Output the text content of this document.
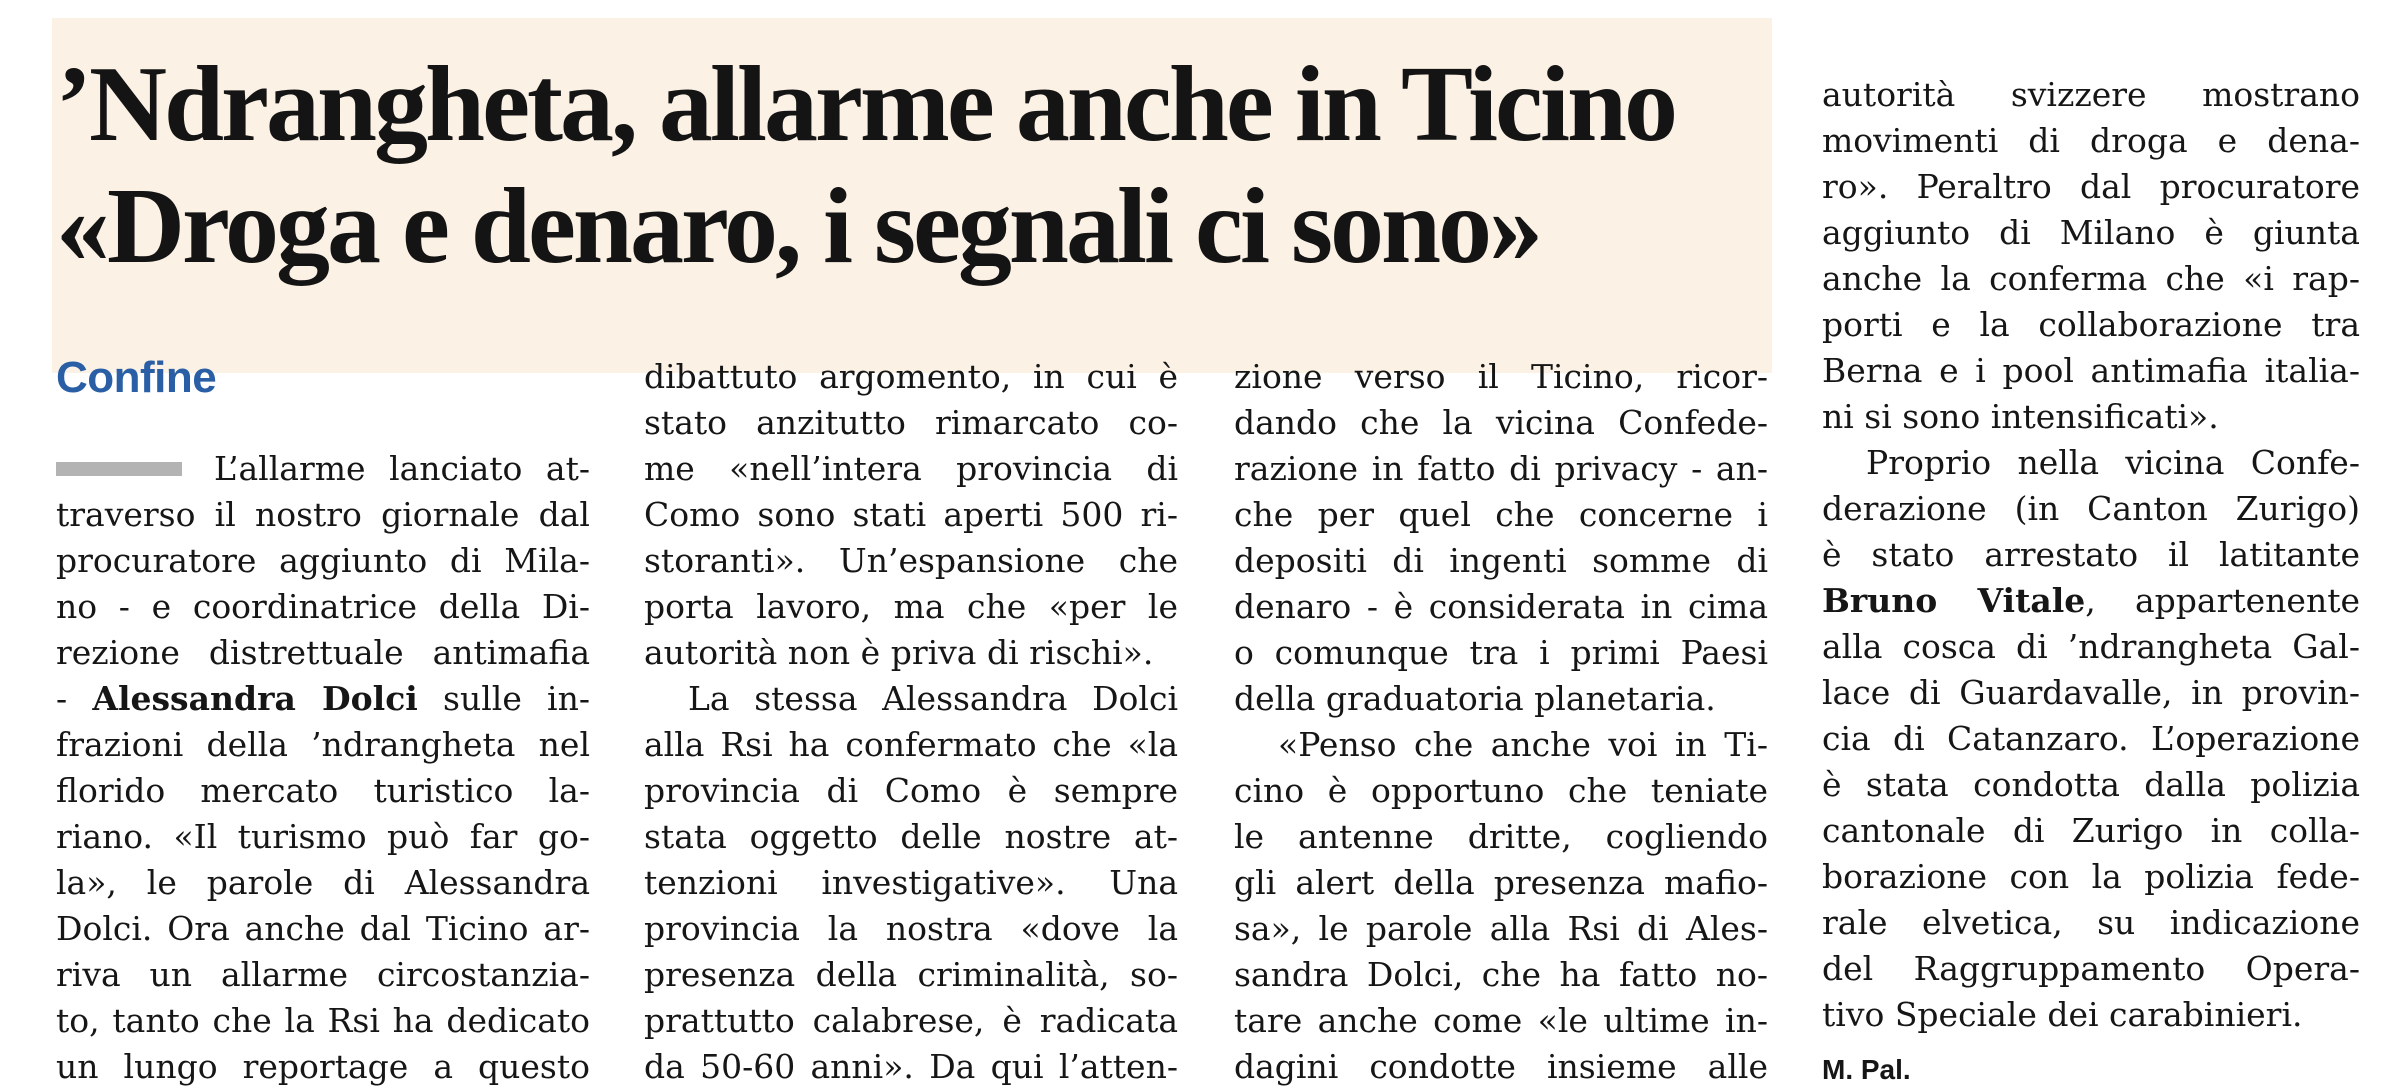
’Ndrangheta, allarme anche in Ticino
«Droga e denaro, i segnali ci sono»
Confine
L’allarme lanciato at-
traverso il nostro giornale dal
procuratore aggiunto di Mila-
no - e coordinatrice della Di-
rezione distrettuale antimafia
- Alessandra Dolci sulle in-
frazioni della ’ndrangheta nel
florido mercato turistico la-
riano. «Il turismo può far go-
la», le parole di Alessandra
Dolci. Ora anche dal Ticino ar-
riva un allarme circostanzia-
to, tanto che la Rsi ha dedicato
un lungo reportage a questo
dibattuto argomento, in cui è
stato anzitutto rimarcato co-
me «nell’intera provincia di
Como sono stati aperti 500 ri-
storanti». Un’espansione che
porta lavoro, ma che «per le
autorità non è priva di rischi».
La stessa Alessandra Dolci
alla Rsi ha confermato che «la
provincia di Como è sempre
stata oggetto delle nostre at-
tenzioni investigative». Una
provincia la nostra «dove la
presenza della criminalità, so-
prattutto calabrese, è radicata
da 50-60 anni». Da qui l’atten-
zione verso il Ticino, ricor-
dando che la vicina Confede-
razione in fatto di privacy - an-
che per quel che concerne i
depositi di ingenti somme di
denaro - è considerata in cima
o comunque tra i primi Paesi
della graduatoria planetaria.
«Penso che anche voi in Ti-
cino è opportuno che teniate
le antenne dritte, cogliendo
gli alert della presenza mafio-
sa», le parole alla Rsi di Ales-
sandra Dolci, che ha fatto no-
tare anche come «le ultime in-
dagini condotte insieme alle
autorità svizzere mostrano
movimenti di droga e dena-
ro». Peraltro dal procuratore
aggiunto di Milano è giunta
anche la conferma che «i rap-
porti e la collaborazione tra
Berna e i pool antimafia italia-
ni si sono intensificati».
Proprio nella vicina Confe-
derazione (in Canton Zurigo)
è stato arrestato il latitante
Bruno Vitale, appartenente
alla cosca di ’ndrangheta Gal-
lace di Guardavalle, in provin-
cia di Catanzaro. L’operazione
è stata condotta dalla polizia
cantonale di Zurigo in colla-
borazione con la polizia fede-
rale elvetica, su indicazione
del Raggruppamento Opera-
tivo Speciale dei carabinieri.
M. Pal.
